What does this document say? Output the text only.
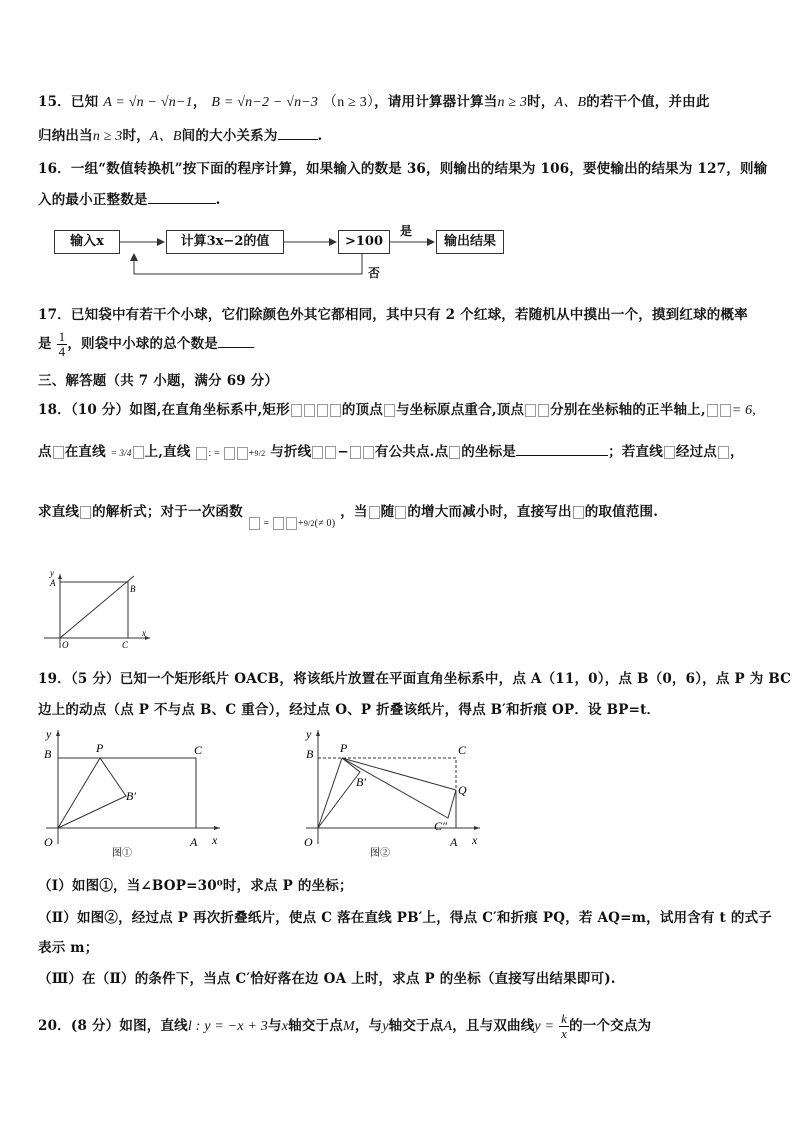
15．已知 A = √n − √n−1， B = √n−2 − √n−3 （n ≥ 3），请用计算器计算当n ≥ 3时，A、B的若干个值，并由此
归纳出当n ≥ 3时，A、B间的大小关系为	.
16．一组“数值转换机”按下面的程序计算，如果输入的数是 36，则输出的结果为 106，要使输出的结果为 127，则输
入的最小正整数是	.
输入x	计算3x−2的值	>100	输出结果
是
否
17．已知袋中有若干个小球，它们除颜色外其它都相同，其中只有 2 个红球，若随机从中摸出一个，摸到红球的概率
是 $\frac{1}{4}$ ，则袋中小球的总个数是
三、解答题（共 7 小题，满分 69 分）
18．（10 分）如图,在直角坐标系中,矩形	的顶点 与坐标原点重合,顶点 分别在坐标轴的正半轴上, = 6,
点 在直线 = 3/4 上,直线 : =	+9/2 与折线 − 有公共点.点 的坐标是	；若直线 经过点 ，
求直线 的解析式；对于一次函数  $_{= +9/2(\ne 0)}$ ，当 随 的增大而减小时，直接写出 的取值范围.
y
A
B
O	C
x
19．（5 分）已知一个矩形纸片 OACB，将该纸片放置在平面直角坐标系中，点 A（11，0），点 B（0，6），点 P 为 BC
边上的动点（点 P 不与点 B、C 重合），经过点 O、P 折叠该纸片，得点 B′和折痕 OP．设 BP=t．
y
B	P	C
B′
O	A x
图①
y
B P	C
B′
Q
C″
O	A x
图②
（Ⅰ）如图①，当∠BOP=30⁰时，求点 P 的坐标；
（Ⅱ）如图②，经过点 P 再次折叠纸片，使点 C 落在直线 PB′上，得点 C′和折痕 PQ，若 AQ=m，试用含有 t 的式子
表示 m；
（Ⅲ）在（Ⅱ）的条件下，当点 C′恰好落在边 OA 上时，求点 P 的坐标（直接写出结果即可).
20．(8 分）如图，直线l : y = −x + 3与x轴交于点M，与y轴交于点A，且与双曲线$y = \frac{k}{x}$ 的一个交点为
